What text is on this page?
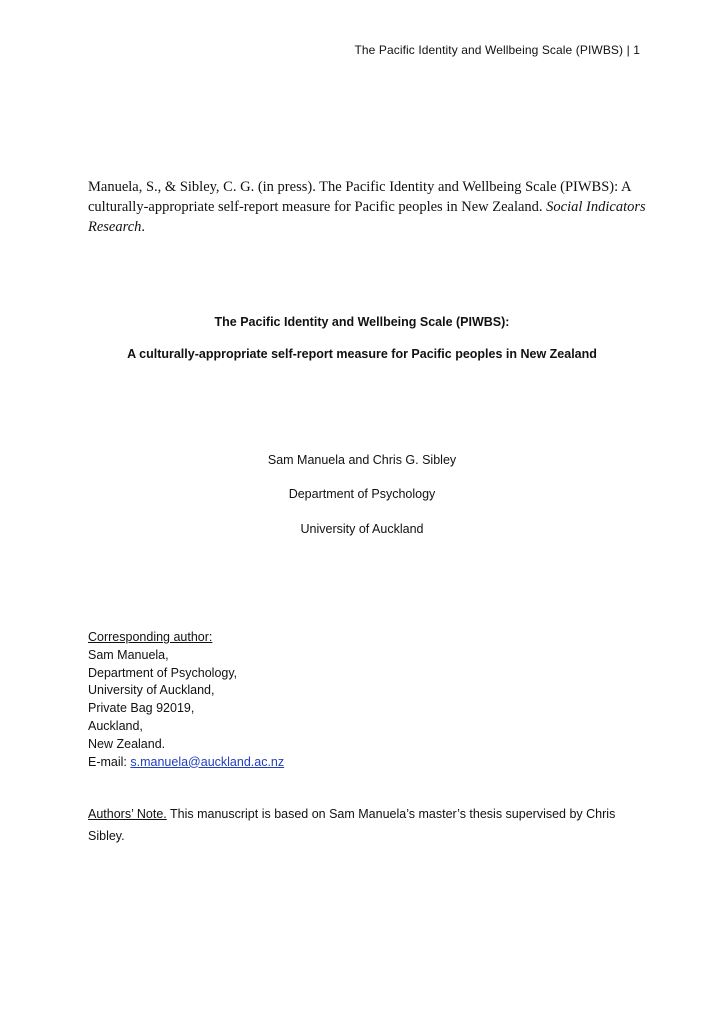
The Pacific Identity and Wellbeing Scale (PIWBS) | 1
Manuela, S., & Sibley, C. G. (in press). The Pacific Identity and Wellbeing Scale (PIWBS): A culturally-appropriate self-report measure for Pacific peoples in New Zealand. Social Indicators Research.
The Pacific Identity and Wellbeing Scale (PIWBS):
A culturally-appropriate self-report measure for Pacific peoples in New Zealand
Sam Manuela and Chris G. Sibley
Department of Psychology
University of Auckland
Corresponding author:
Sam Manuela,
Department of Psychology,
University of Auckland,
Private Bag 92019,
Auckland,
New Zealand.
E-mail: s.manuela@auckland.ac.nz
Authors’ Note. This manuscript is based on Sam Manuela’s master’s thesis supervised by Chris Sibley.
